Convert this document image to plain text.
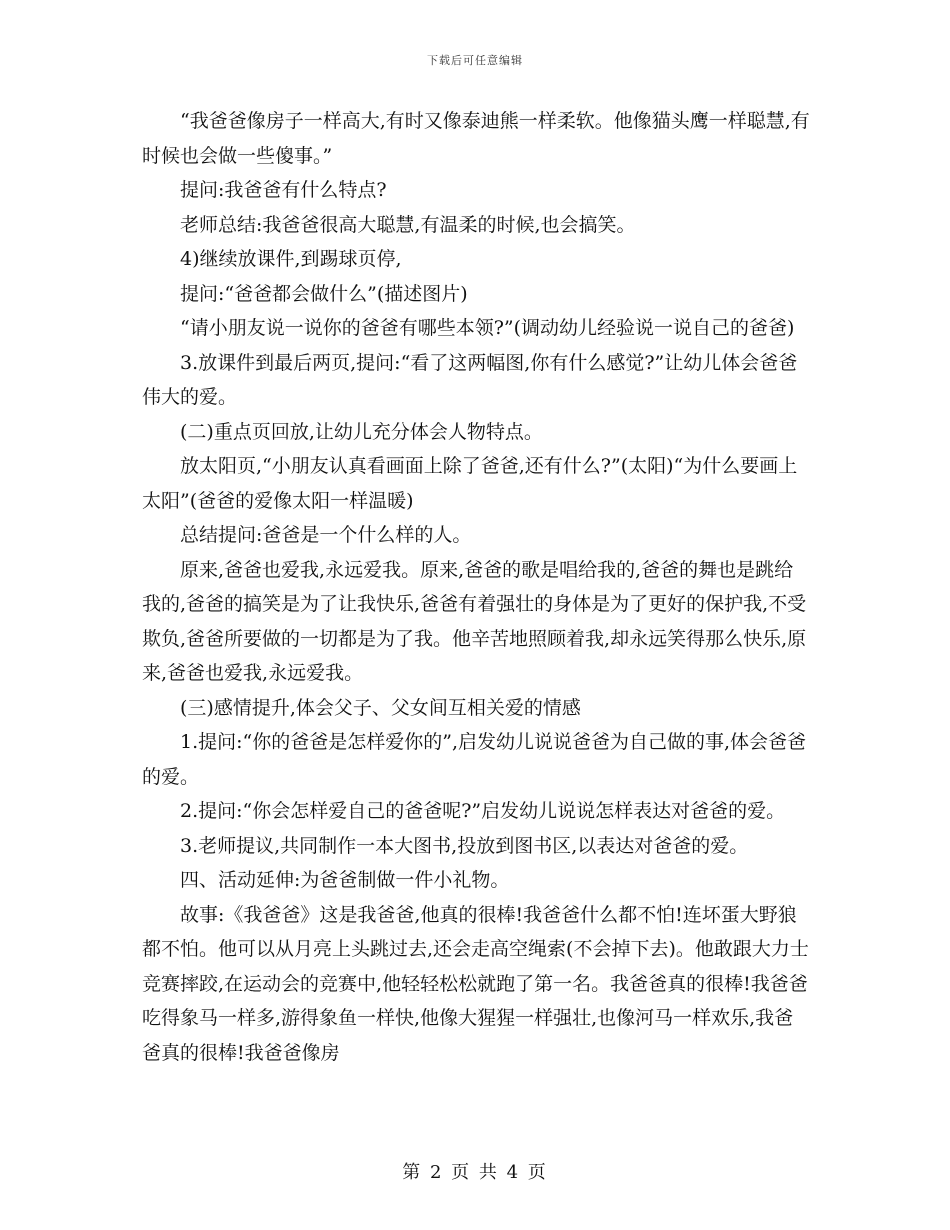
下载后可任意编辑

“我爸爸像房子一样高大,有时又像泰迪熊一样柔软。他像猫头鹰一样聪慧,有时候也会做一些傻事。”

提问:我爸爸有什么特点?

老师总结:我爸爸很高大聪慧,有温柔的时候,也会搞笑。

4)继续放课件,到踢球页停,

提问:“爸爸都会做什么”(描述图片)

“请小朋友说一说你的爸爸有哪些本领?”(调动幼儿经验说一说自己的爸爸)

3.放课件到最后两页,提问:“看了这两幅图,你有什么感觉?”让幼儿体会爸爸伟大的爱。

(二)重点页回放,让幼儿充分体会人物特点。

放太阳页,“小朋友认真看画面上除了爸爸,还有什么?”(太阳)“为什么要画上太阳”(爸爸的爱像太阳一样温暖)

总结提问:爸爸是一个什么样的人。

原来,爸爸也爱我,永远爱我。原来,爸爸的歌是唱给我的,爸爸的舞也是跳给我的,爸爸的搞笑是为了让我快乐,爸爸有着强壮的身体是为了更好的保护我,不受欺负,爸爸所要做的一切都是为了我。他辛苦地照顾着我,却永远笑得那么快乐,原来,爸爸也爱我,永远爱我。

(三)感情提升,体会父子、父女间互相关爱的情感

1.提问:“你的爸爸是怎样爱你的”,启发幼儿说说爸爸为自己做的事,体会爸爸的爱。

2.提问:“你会怎样爱自己的爸爸呢?”启发幼儿说说怎样表达对爸爸的爱。

3.老师提议,共同制作一本大图书,投放到图书区,以表达对爸爸的爱。

四、活动延伸:为爸爸制做一件小礼物。

故事:《我爸爸》这是我爸爸,他真的很棒!我爸爸什么都不怕!连坏蛋大野狼都不怕。他可以从月亮上头跳过去,还会走高空绳索(不会掉下去)。他敢跟大力士竞赛摔跤,在运动会的竞赛中,他轻轻松松就跑了第一名。我爸爸真的很棒!我爸爸吃得象马一样多,游得象鱼一样快,他像大猩猩一样强壮,也像河马一样欢乐,我爸爸真的很棒!我爸爸像房

第 2 页 共 4 页
